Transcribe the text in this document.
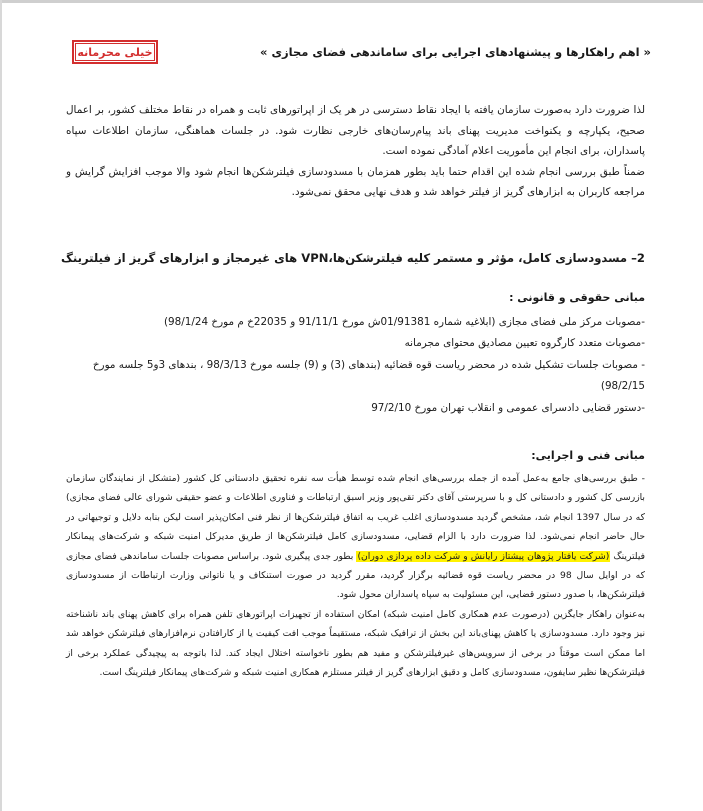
« اهم راهکارها و پیشنهادهای اجرایی برای ساماندهی فضای مجازی »
خیلی محرمانه

لذا ضرورت دارد به‌صورت سازمان یافته با ایجاد نقاط دسترسی در هر یک از اپراتورهای ثابت و همراه در نقاط مختلف کشور، بر اعمال صحیح، یکپارچه و یکنواخت مدیریت پهنای باند پیام‌رسان‌های خارجی نظارت شود. در جلسات هماهنگی، سازمان اطلاعات سپاه پاسداران، برای انجام این مأموریت اعلام آمادگی نموده است.

ضمناً طبق بررسی انجام شده این اقدام حتما باید بطور همزمان با مسدودسازی فیلترشکن‌ها انجام شود والا موجب افزایش گرایش و مراجعه کاربران به ابزارهای گریز از فیلتر خواهد شد و هدف نهایی محقق نمی‌شود.

2– مسدودسازی کامل، مؤثر و مستمر کلیه فیلترشکن‌ها،VPN های غیرمجاز و ابزارهای گریز از فیلترینگ

مبانی حقوقی و قانونی :

-مصوبات مرکز ملی فضای مجازی (ابلاغیه شماره 01/91381ش مورخ 91/11/1 و 22035خ م مورخ 98/1/24)

-مصوبات متعدد کارگروه تعیین مصادیق محتوای مجرمانه

- مصوبات جلسات تشکیل شده در محضر ریاست قوه قضائیه (بندهای (3) و (9) جلسه مورخ 98/3/13 ، بندهای 3و5 جلسه مورخ 98/2/15)

-دستور قضایی دادسرای عمومی و انقلاب تهران مورخ 97/2/10

مبانی فنی و اجرایی:

- طبق بررسی‌های جامع به‌عمل آمده از جمله بررسی‌های انجام شده توسط هیأت سه نفره تحقیق دادستانی کل کشور (متشکل از نمایندگان سازمان بازرسی کل کشور و دادستانی کل و با سرپرستی آقای دکتر تقی‌پور وزیر اسبق ارتباطات و فناوری اطلاعات و عضو حقیقی شورای عالی فضای مجازی) که در سال 1397 انجام شد، مشخص گردید مسدودسازی اغلب غریب به اتفاق فیلترشکن‌ها از نظر فنی امکان‌پذیر است لیکن بنابه دلایل و توجیهاتی در حال حاضر انجام نمی‌شود. لذا ضرورت دارد با الزام قضایی، مسدودسازی کامل فیلترشکن‌ها از طریق مدیرکل امنیت شبکه و شرکت‌های پیمانکار فیلترینگ (شرکت یافتار پژوهان پیشتاز رایانش و شرکت داده پردازی دوران) بطور جدی پیگیری شود. براساس مصوبات جلسات ساماندهی فضای مجازی که در اوایل سال 98 در محضر ریاست قوه قضائیه برگزار گردید، مقرر گردید در صورت استنکاف و یا ناتوانی وزارت ارتباطات از مسدودسازی فیلترشکن‌ها، با صدور دستور قضایی، این مسئولیت به سپاه پاسداران محول شود.

به‌عنوان راهکار جایگزین (درصورت عدم همکاری کامل امنیت شبکه) امکان استفاده از تجهیزات اپراتورهای تلفن همراه برای کاهش پهنای باند ناشناخته نیز وجود دارد. مسدودسازی یا کاهش پهنای‌باند این بخش از ترافیک شبکه، مستقیماً موجب افت کیفیت یا از کارافتادن نرم‌افزارهای فیلترشکن خواهد شد اما ممکن است موقتاً در برخی از سرویس‌های غیرفیلترشکن و مفید هم بطور ناخواسته اختلال ایجاد کند. لذا باتوجه به پیچیدگی عملکرد برخی از فیلترشکن‌ها نظیر سایفون، مسدودسازی کامل و دقیق ابزارهای گریز از فیلتر مستلزم همکاری امنیت شبکه و شرکت‌های پیمانکار فیلترینگ است.
